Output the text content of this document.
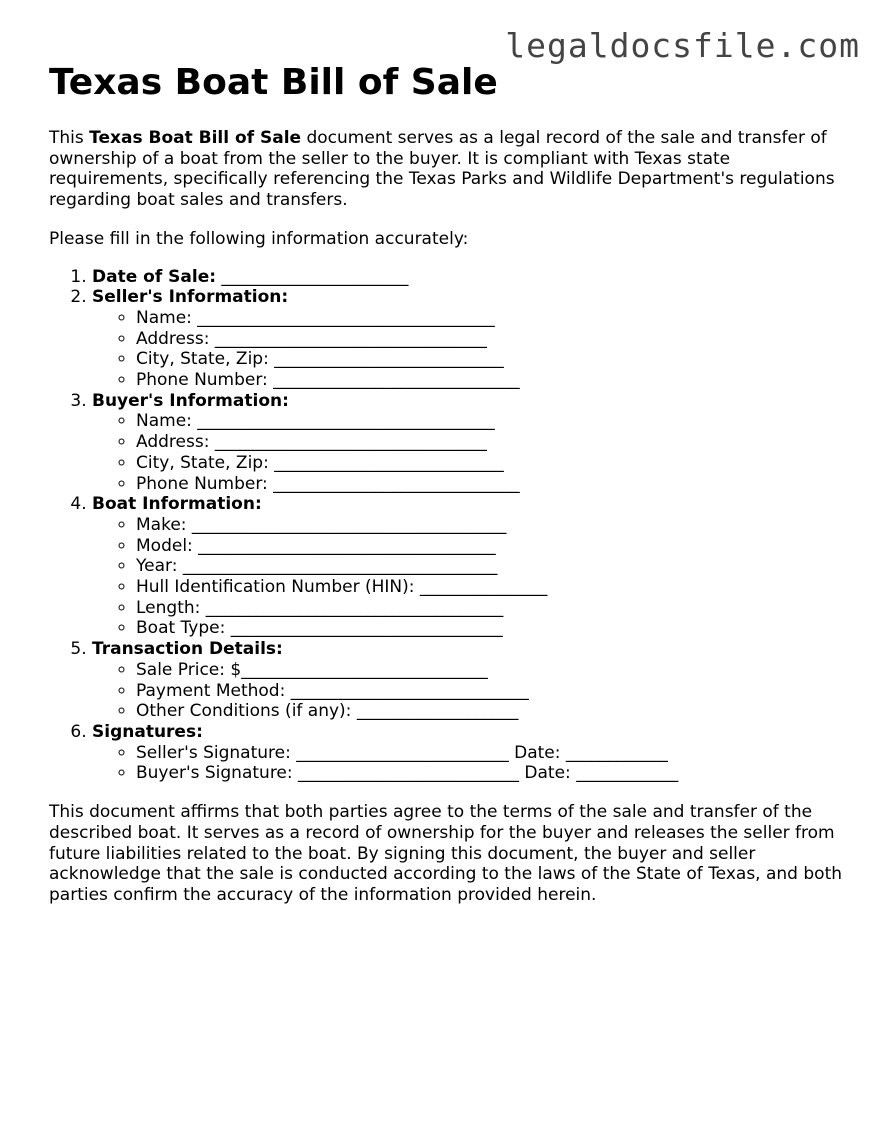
legaldocsfile.com

Texas Boat Bill of Sale

This Texas Boat Bill of Sale document serves as a legal record of the sale and transfer of ownership of a boat from the seller to the buyer. It is compliant with Texas state requirements, specifically referencing the Texas Parks and Wildlife Department's regulations regarding boat sales and transfers.

Please fill in the following information accurately:

1. Date of Sale: ______________________
2. Seller's Information:
◦ Name: ___________________________________
◦ Address: ________________________________
◦ City, State, Zip: ___________________________
◦ Phone Number: _____________________________
3. Buyer's Information:
◦ Name: ___________________________________
◦ Address: ________________________________
◦ City, State, Zip: ___________________________
◦ Phone Number: _____________________________
4. Boat Information:
◦ Make: _____________________________________
◦ Model: ___________________________________
◦ Year: _____________________________________
◦ Hull Identification Number (HIN): _______________
◦ Length: ___________________________________
◦ Boat Type: ________________________________
5. Transaction Details:
◦ Sale Price: $_____________________________
◦ Payment Method: ____________________________
◦ Other Conditions (if any): ___________________
6. Signatures:
◦ Seller's Signature: _________________________ Date: ____________
◦ Buyer's Signature: __________________________ Date: ____________

This document affirms that both parties agree to the terms of the sale and transfer of the described boat. It serves as a record of ownership for the buyer and releases the seller from future liabilities related to the boat. By signing this document, the buyer and seller acknowledge that the sale is conducted according to the laws of the State of Texas, and both parties confirm the accuracy of the information provided herein.
